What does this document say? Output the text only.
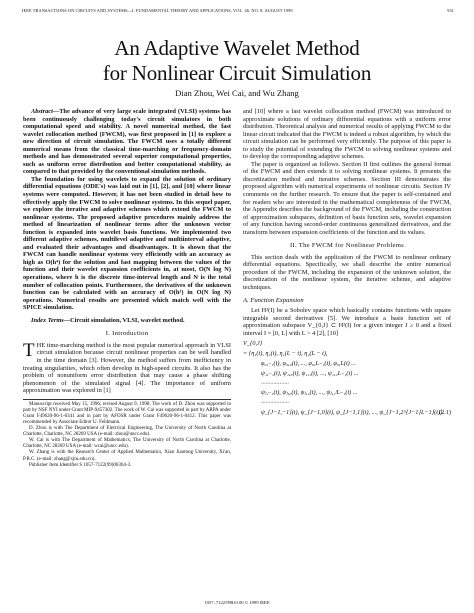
IEEE TRANSACTIONS ON CIRCUITS AND SYSTEMS—I: FUNDAMENTAL THEORY AND APPLICATIONS, VOL. 46, NO. 8, AUGUST 1999	931
An Adaptive Wavelet Method
for Nonlinear Circuit Simulation
Dian Zhou, Wei Cai, and Wu Zhang

Abstract—The advance of very large scale integrated (VLSI) systems has been continuously challenging today's circuit simulators in both computational speed and stability. A novel numerical method, the fast wavelet collocation method (FWCM), was first proposed in [1] to explore a new direction of circuit simulation. The FWCM uses a totally different numerical means from the classical time-marching or frequency-domain methods and has demonstrated several superior computational properties, such as uniform error distribution and better computational stability, as compared to that provided by the conventional simulation methods.

The foundation for using wavelets to expand the solution of ordinary differential equations (ODE's) was laid out in [1], [2], and [10] where linear systems were computed. However, it has not been studied in detail how to effectively apply the FWCM to solve nonlinear systems. In this sequel paper, we explore the iterative and adaptive schemes which extend the FWCM to nonlinear systems. The proposed adaptive procedures mainly address the method of linearization of nonlinear terms after the unknown vector function is expanded into wavelet basis functions. We implemented two different adaptive schemes, multilevel adaptive and multiinterval adaptive, and evaluated their advantages and disadvantages. It is shown that the FWCM can handle nonlinear systems very efficiently with an accuracy as high as O(h⁴) for the solution and fast mapping between the values of the function and their wavelet expansion coefficients in, at most, O(N log N) operations, where h is the discrete time-interval length and N is the total number of collocation points. Furthermore, the derivatives of the unknown function can be calculated with an accuracy of O(h³) in O(N log N) operations. Numerical results are presented which match well with the SPICE simulation.

Index Terms—Circuit simulation, VLSI, wavelet method.

I. Introduction

THE time-marching method is the most popular numerical approach in VLSI circuit simulation because circuit nonlinear properties can be well handled in the time domain [3]. However, the method suffers from inefficiency in treating singularities, which often develop in high-speed circuits. It also has the problem of nonuniform error distribution that may cause a phase shifting phenomenon of the simulated signal [4]. The importance of uniform approximation was explored in [1]

Manuscript received May 15, 1996; revised August 9, 1998. The work of D. Zhou was supported in part by NSF NYI under Grant MIP-9457302. The work of W. Cai was supported in part by ARPA under Grant F49620-96-1-0341 and in part by AFOSR under Grant F49620-96-1-0412. This paper was recommended by Associate Editor U. Feldmann.

D. Zhou is with The Department of Electrical Engineering, The University of North Carolina at Charlotte, Charlotte, NC 28269 USA (e-mail: zhou@uncc.edu).

W. Cai is with The Department of Mathematics, The University of North Carolina at Charlotte, Charlotte, NC 28269 USA (e-mail: wcai@uncc.edu).

W. Zhang is with the Research Center of Applied Mathematics, Xian Jiaotong University, Xi'an, P.R.C. (e-mail: zhang@xjtu.edu.cn).

Publisher Item Identifier S 1057-7122(99)06364-3.

and [10] where a fast wavelet collocation method (FWCM) was introduced to approximate solutions of ordinary differential equations with a uniform error distribution. Theoretical analysis and numerical results of applying FWCM to the linear circuit indicated that the FWCM is indeed a robust algorithm, by which the circuit simulation can be performed very efficiently. The purpose of this paper is to study the potential of extending the FWCM to solving nonlinear systems and to develop the corresponding adaptive schemes.

The paper is organized as follows. Section II first outlines the general format of the FWCM and then extends it to solving nonlinear systems. It presents the discretization method and iterative schemes. Section III demonstrates the proposed algorithm with numerical experiments of nonlinear circuits. Section IV comments on the further research. To ensure that the paper is self-contained and for readers who are interested in the mathematical completeness of the FWCM, the Appendix describes the background of the FWCM, including the construction of approximation subspaces, definition of basis function sets, wavelet expansion of any function having second-order continuous generalized derivatives, and the transform between expansion coefficients of the function and its values.

II. The FWCM for Nonlinear Problems

This section deals with the application of the FWCM to nonlinear ordinary differential equations. Specifically, we shall describe the entire numerical procedure of the FWCM, including the expansion of the unknown solution, the discretization of the nonlinear system, the iterative scheme, and adaptive techniques.

A. Function Expansion

Let H²(I) be a Sobolev space which basically contains functions with square integrable second derivatives [5]. We introduce a basis function set of approximation subspace V_{0,J} ⊂ H²(I) for a given integer J ≥ 0 and a fixed interval I = [0, L] with L > 4 [2], [10]

V_{0,J}
= {η₁(t), η₂(t), η₁(L − t), η₂(L − t),
φ₀,₋₁(t), φ₀,₀(t), ..., φ₀,L₋₁(t), φ₀,L(t) ...
ψ₁,₋₁(t), ψ₁,₀(t), ψ₁,₁(t), ..., ψ₁,₂L₋₁(t) ...
··················
ψⱼ,₋₁(t), ψⱼ,₀(t), ψⱼ,₁(t), ..., ψⱼ,₂ʲL₋₁(t) ...
··················
ψ_{J−1,−1}(t), ψ_{J−1,0}(t), ψ_{J−1,1}(t), ..., ψ_{J−1,2^{J−1}L−1}(t)}
(2.1)
1057–7122/99$10.00 © 1999 IEEE
